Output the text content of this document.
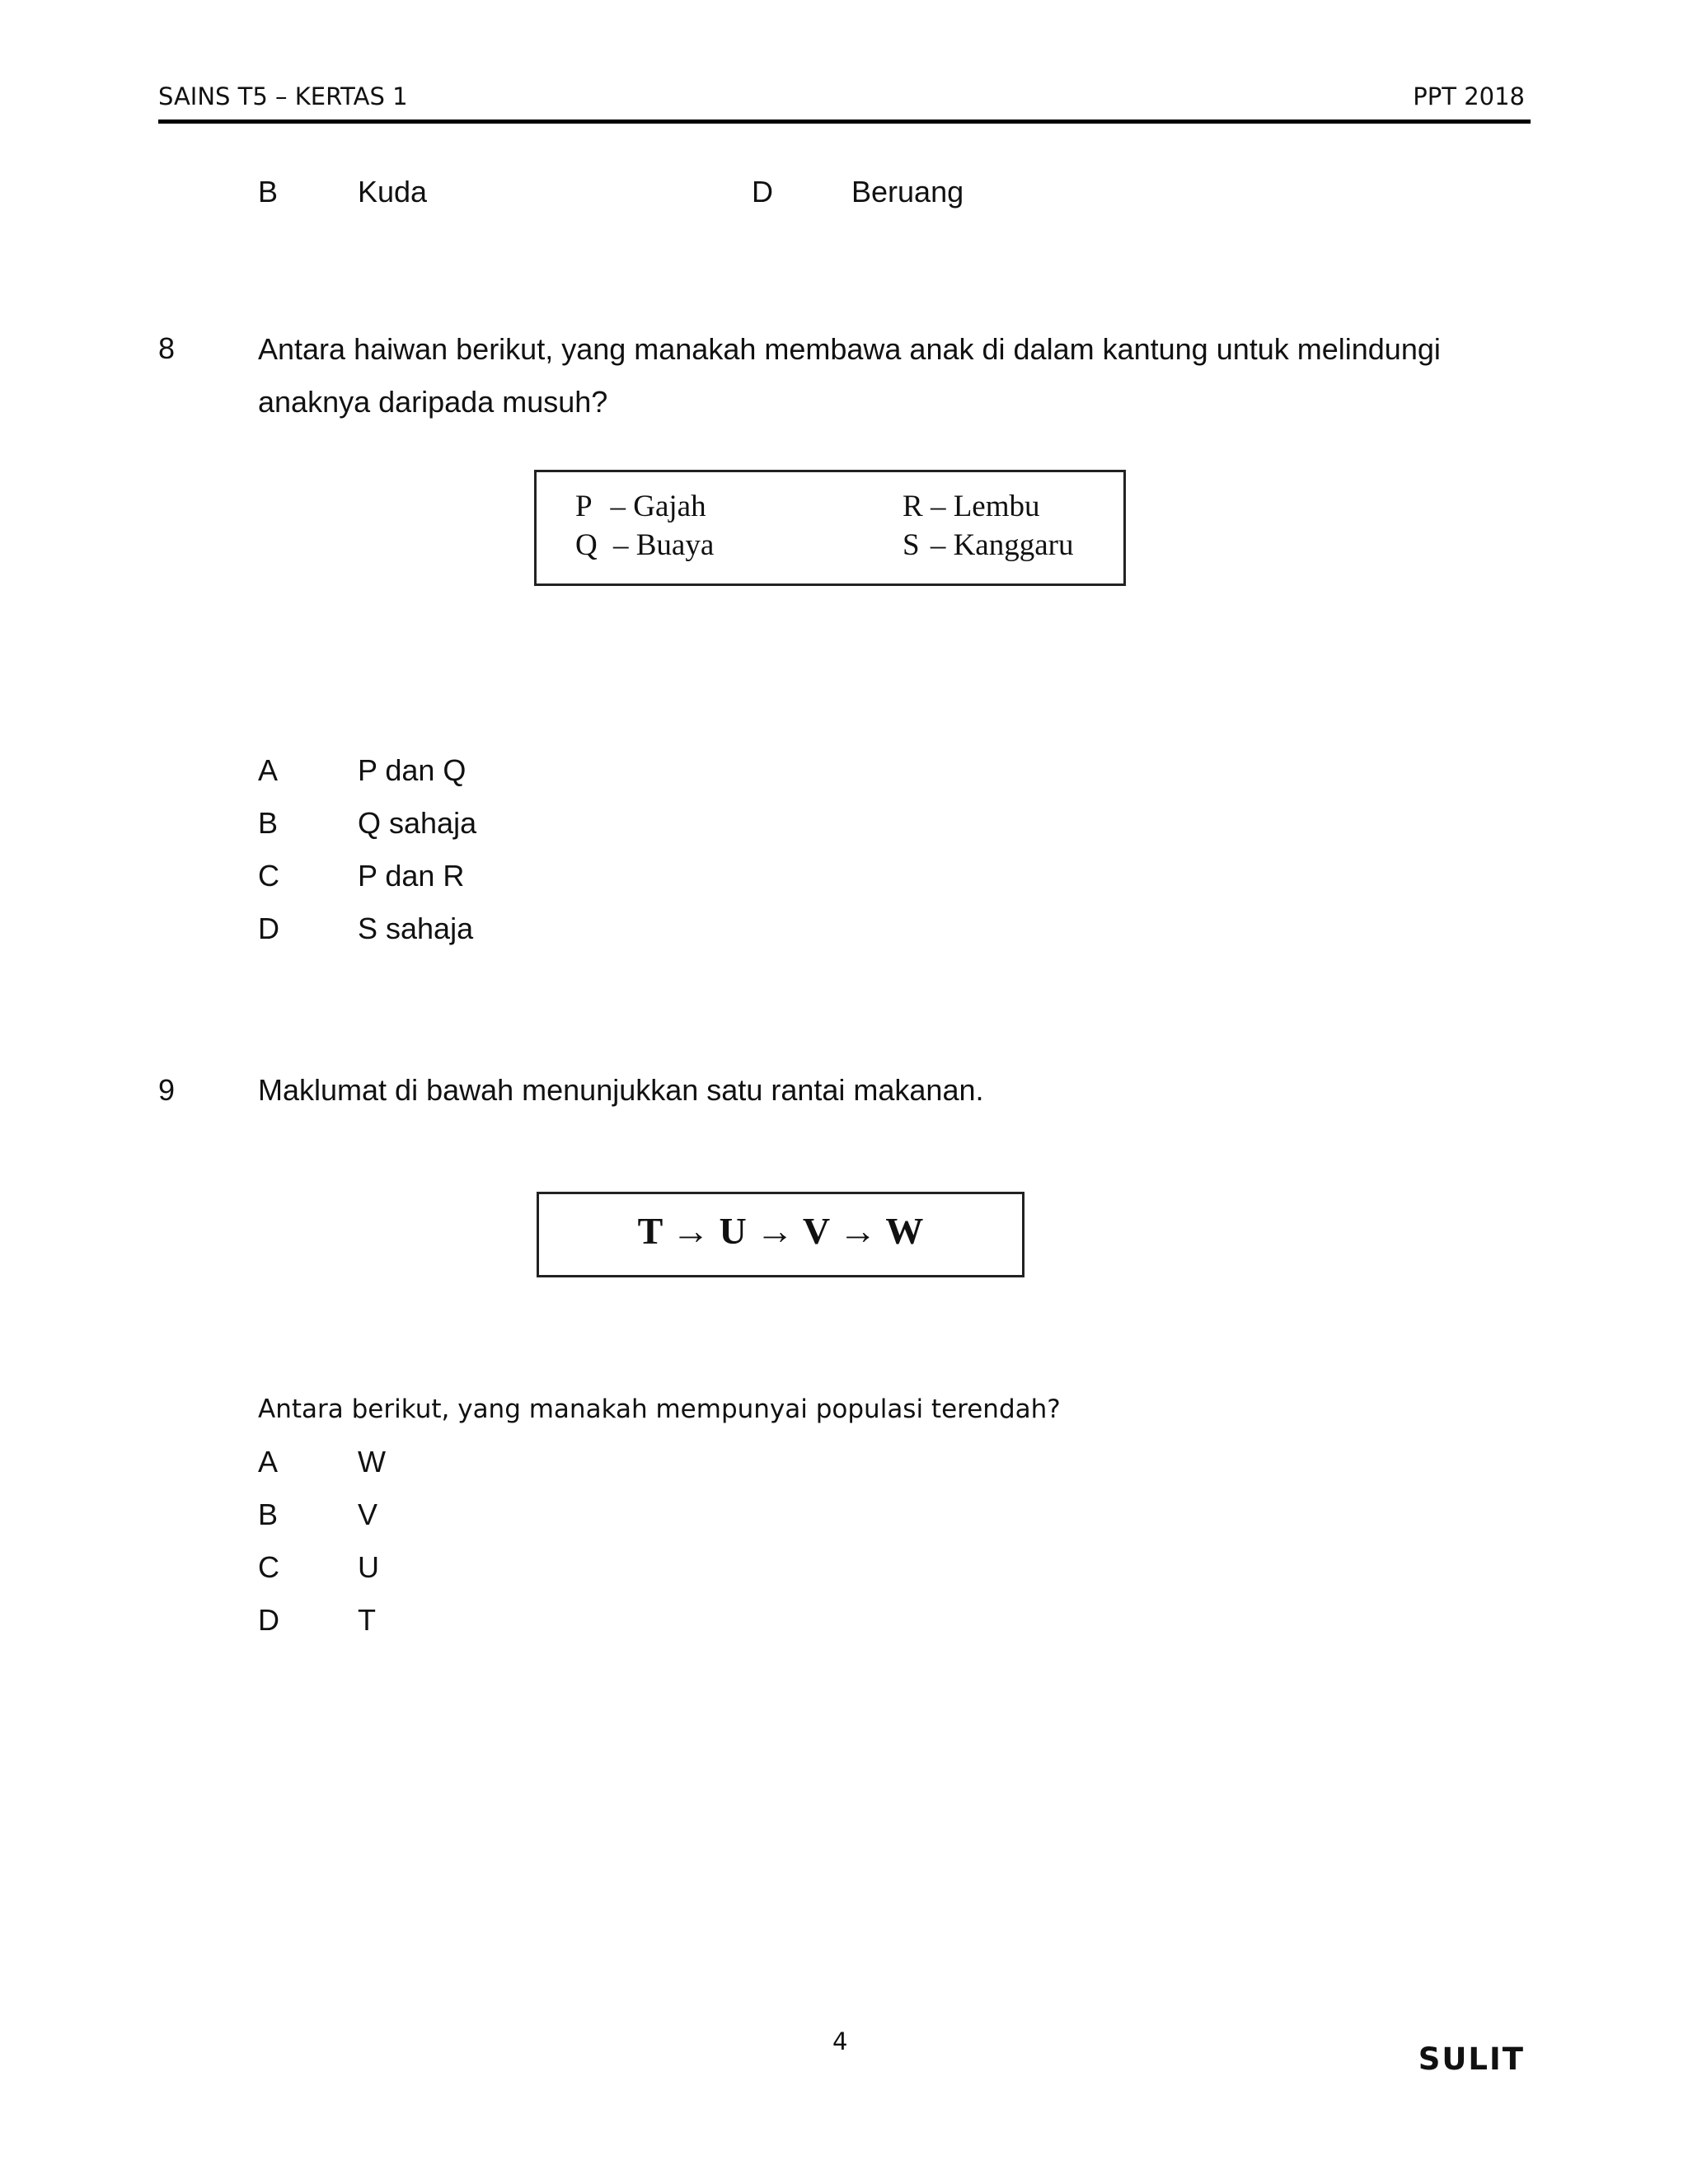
SAINS T5 – KERTAS 1	PPT 2018
B	Kuda	D	Beruang
8	Antara haiwan berikut, yang manakah membawa anak di dalam kantung untuk melindungi anaknya daripada musuh?
P – Gajah
Q – Buaya
R – Lembu
S – Kanggaru
A	P dan Q
B	Q sahaja
C	P dan R
D	S sahaja
9	Maklumat di bawah menunjukkan satu rantai makanan.
T → U → V → W
Antara berikut, yang manakah mempunyai populasi terendah?
A	W
B	V
C	U
D	T
4	SULIT
